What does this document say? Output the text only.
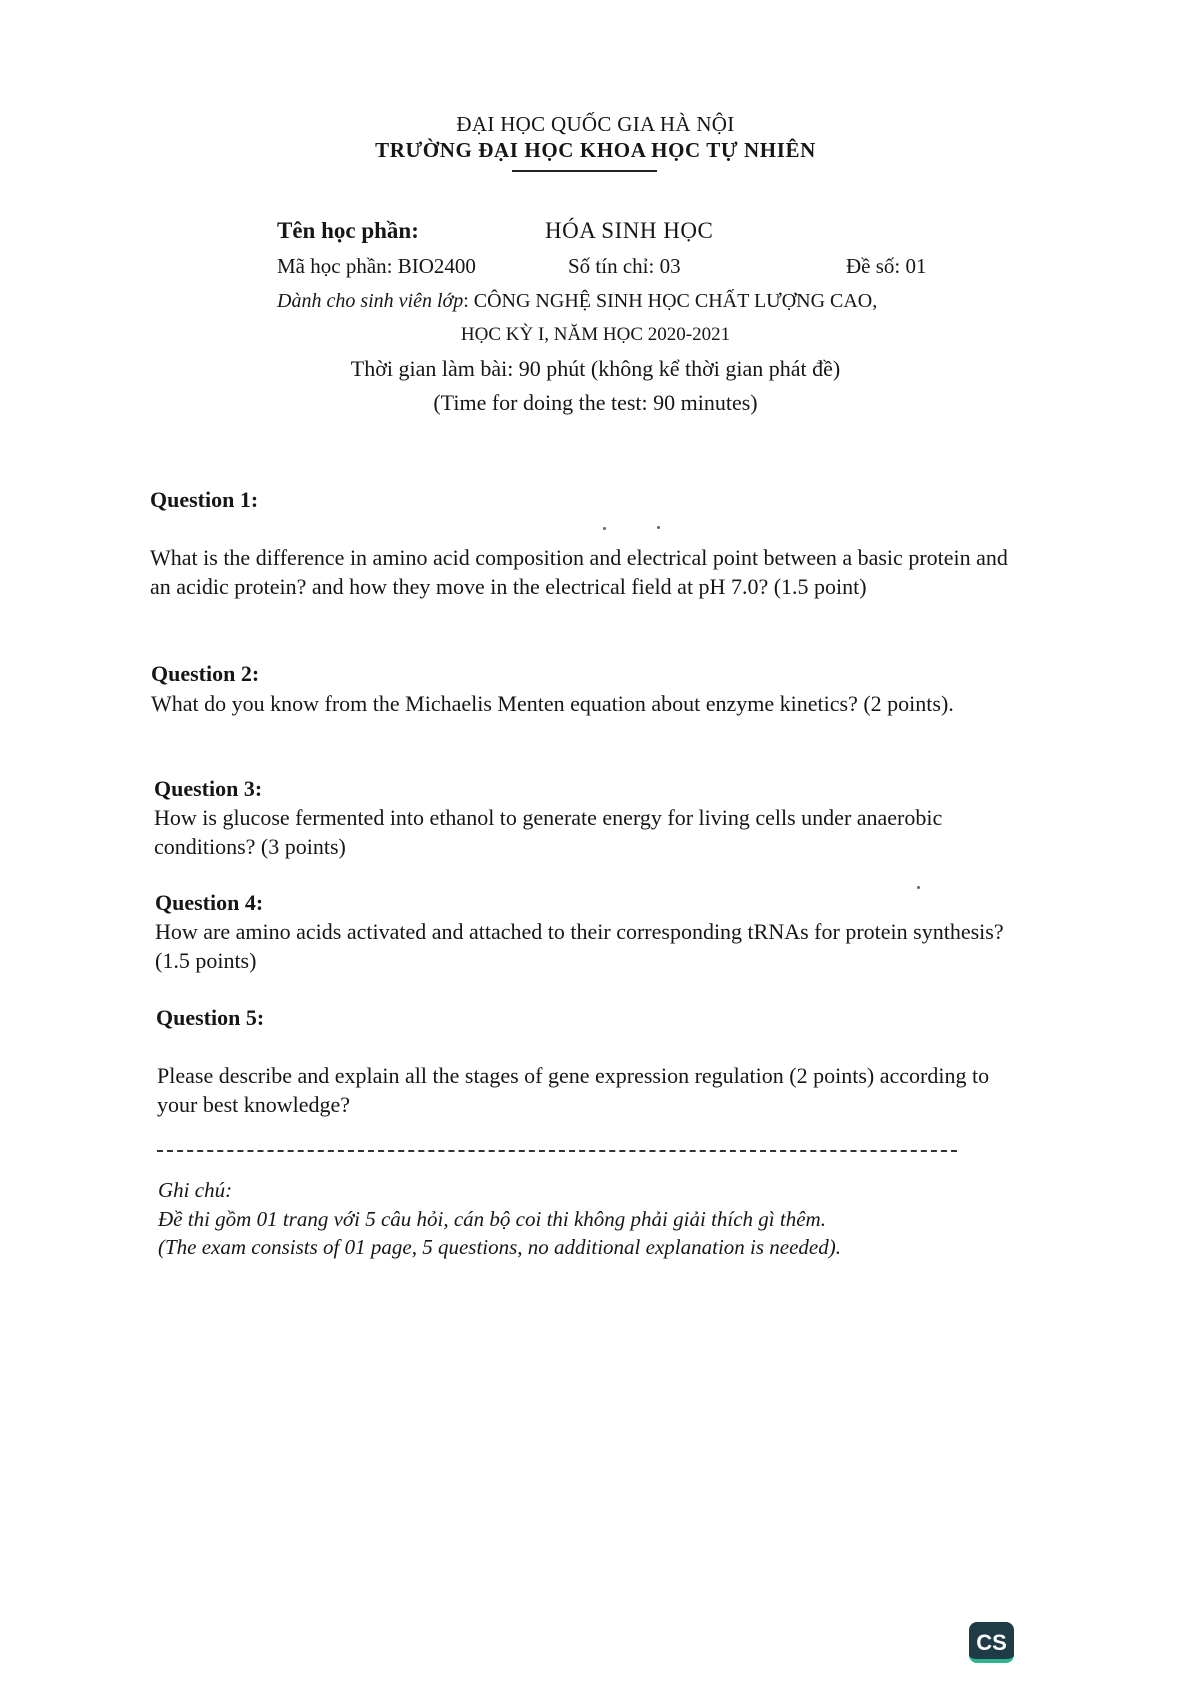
ĐẠI HỌC QUỐC GIA HÀ NỘI
TRƯỜNG ĐẠI HỌC KHOA HỌC TỰ NHIÊN
Tên học phần:	HÓA SINH HỌC
Mã học phần: BIO2400	Số tín chỉ: 03	Đề số: 01
Dành cho sinh viên lớp: CÔNG NGHỆ SINH HỌC CHẤT LƯỢNG CAO,
HỌC KỲ I, NĂM HỌC 2020-2021
Thời gian làm bài: 90 phút (không kể thời gian phát đề)
(Time for doing the test: 90 minutes)
Question 1:
What is the difference in amino acid composition and electrical point between a basic protein and an acidic protein? and how they move in the electrical field at pH 7.0? (1.5 point)
Question 2:
What do you know from the Michaelis Menten equation about enzyme kinetics? (2 points).
Question 3:
How is glucose fermented into ethanol to generate energy for living cells under anaerobic conditions? (3 points)
Question 4:
How are amino acids activated and attached to their corresponding tRNAs for protein synthesis? (1.5 points)
Question 5:
Please describe and explain all the stages of gene expression regulation (2 points) according to your best knowledge?
Ghi chú:
Đề thi gồm 01 trang với 5 câu hỏi, cán bộ coi thi không phải giải thích gì thêm.
(The exam consists of 01 page, 5 questions, no additional explanation is needed).
CS
